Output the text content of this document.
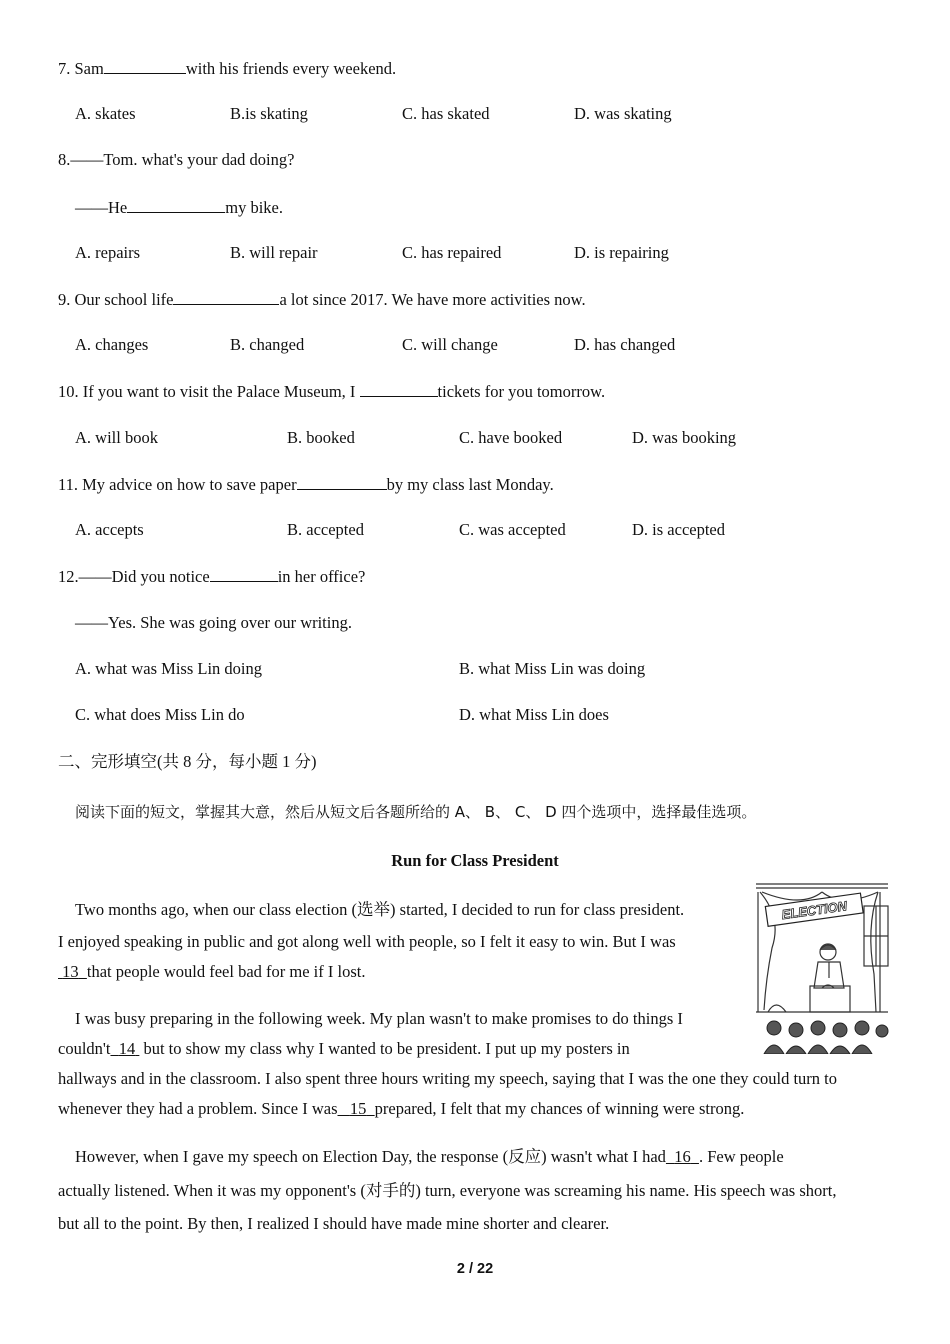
7. Sam	with his friends every weekend.
A. skates	B.is skating	C. has skated	D. was skating
8.——Tom. what's your dad doing?
——He	my bike.
A. repairs	B. will repair	C. has repaired	D. is repairing
9. Our school life	a lot since 2017. We have more activities now.
A. changes	B. changed	C. will change	D. has changed
10. If you want to visit the Palace Museum, I	tickets for you tomorrow.
A. will book	B. booked	C. have booked	D. was booking
11. My advice on how to save paper	by my class last Monday.
A. accepts	B. accepted	C. was accepted	D. is accepted
12.——Did you notice	in her office?
——Yes. She was going over our writing.
A. what was Miss Lin doing	B. what Miss Lin was doing
C. what does Miss Lin do	D. what Miss Lin does
二、完形填空(共 8 分，每小题 1 分)
阅读下面的短文，掌握其大意，然后从短文后各题所给的 A、 B、 C、 D 四个选项中，选择最佳选项。
Run for Class President
ELECTION
Two months ago, when our class election (选举) started, I decided to run for class president.
I enjoyed speaking in public and got along well with people, so I felt it easy to win. But I was
13 that people would feel bad for me if I lost.
I was busy preparing in the following week. My plan wasn't to make promises to do things I
couldn't 14 but to show my class why I wanted to be president. I put up my posters in
hallways and in the classroom. I also spent three hours writing my speech, saying that I was the one they could turn to
whenever they had a problem. Since I was 15 prepared, I felt that my chances of winning were strong.
However, when I gave my speech on Election Day, the response (反应) wasn't what I had 16 . Few people
actually listened. When it was my opponent's (对手的) turn, everyone was screaming his name. His speech was short,
but all to the point. By then, I realized I should have made mine shorter and clearer.
2 / 22
